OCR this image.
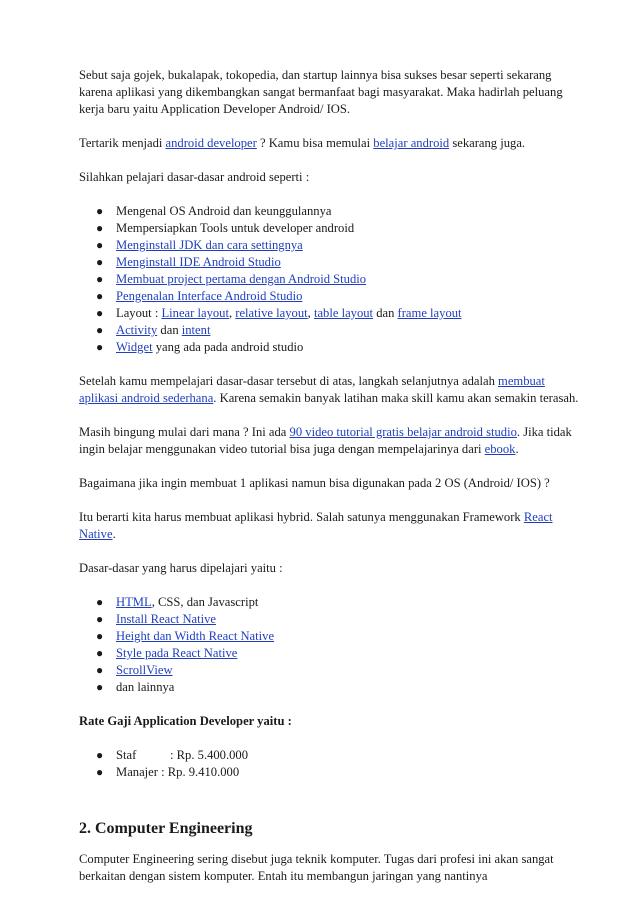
Sebut saja gojek, bukalapak, tokopedia, dan startup lainnya bisa sukses besar seperti sekarang karena aplikasi yang dikembangkan sangat bermanfaat bagi masyarakat. Maka hadirlah peluang kerja baru yaitu Application Developer Android/ IOS.

Tertarik menjadi android developer ? Kamu bisa memulai belajar android sekarang juga.

Silahkan pelajari dasar-dasar android seperti :

● Mengenal OS Android dan keunggulannya
● Mempersiapkan Tools untuk developer android
● Menginstall JDK dan cara settingnya
● Menginstall IDE Android Studio
● Membuat project pertama dengan Android Studio
● Pengenalan Interface Android Studio
● Layout : Linear layout, relative layout, table layout dan frame layout
● Activity dan intent
● Widget yang ada pada android studio

Setelah kamu mempelajari dasar-dasar tersebut di atas, langkah selanjutnya adalah membuat aplikasi android sederhana. Karena semakin banyak latihan maka skill kamu akan semakin terasah.

Masih bingung mulai dari mana ? Ini ada 90 video tutorial gratis belajar android studio. Jika tidak ingin belajar menggunakan video tutorial bisa juga dengan mempelajarinya dari ebook.

Bagaimana jika ingin membuat 1 aplikasi namun bisa digunakan pada 2 OS (Android/ IOS) ?

Itu berarti kita harus membuat aplikasi hybrid. Salah satunya menggunakan Framework React Native.

Dasar-dasar yang harus dipelajari yaitu :

● HTML, CSS, dan Javascript
● Install React Native
● Height dan Width React Native
● Style pada React Native
● ScrollView
● dan lainnya

Rate Gaji Application Developer yaitu :

● Staf	: Rp. 5.400.000
● Manajer : Rp. 9.410.000
2. Computer Engineering

Computer Engineering sering disebut juga teknik komputer. Tugas dari profesi ini akan sangat berkaitan dengan sistem komputer. Entah itu membangun jaringan yang nantinya
